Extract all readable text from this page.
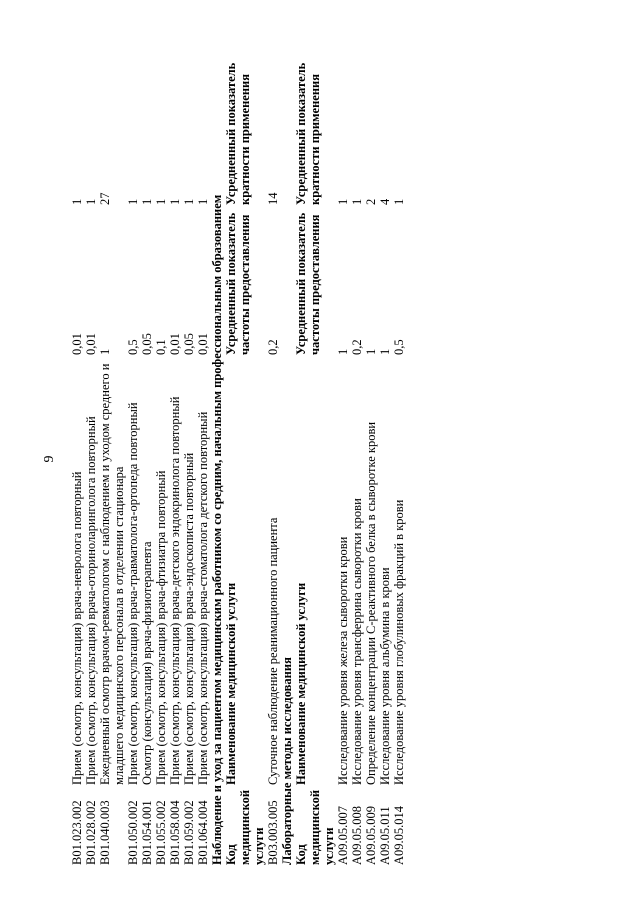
9
B01.023.002	Прием (осмотр, консультация) врача-невролога повторный	0,01	1
B01.028.002	Прием (осмотр, консультация) врача-оториноларинголога повторный	0,01	1
B01.040.003	Ежедневный осмотр врачом-ревматологом с наблюдением и уходом среднего и младшего медицинского персонала в отделении стационара	1	27
B01.050.002	Прием (осмотр, консультация) врача-травматолога-ортопеда повторный	0,5	1
B01.054.001	Осмотр (консультация) врача-физиотерапевта	0,05	1
B01.055.002	Прием (осмотр, консультация) врача-фтизиатра повторный	0,1	1
B01.058.004	Прием (осмотр, консультация) врача-детского эндокринолога повторный	0,01	1
B01.059.002	Прием (осмотр, консультация) врача-эндоскописта повторный	0,05	1
B01.064.004	Прием (осмотр, консультация) врача-стоматолога детского повторный	0,01	1
Наблюдение и уход за пациентом медицинским работником со средним, начальным профессиональным образованием			
Код медицинской услуги	Наименование медицинской услуги	Усредненный показатель частоты предоставления	Усредненный показатель кратности применения
B03.003.005	Суточное наблюдение реанимационного пациента	0,2	14
Лабораторные методы исследования			
Код медицинской услуги	Наименование медицинской услуги	Усредненный показатель частоты предоставления	Усредненный показатель кратности применения
A09.05.007	Исследование уровня железа сыворотки крови	1	1
A09.05.008	Исследование уровня трансферрина сыворотки крови	0,2	1
A09.05.009	Определение концентрации C-реактивного белка в сыворотке крови	1	2
A09.05.011	Исследование уровня альбумина в крови	1	4
A09.05.014	Исследование уровня глобулиновых фракций в крови	0,5	1
